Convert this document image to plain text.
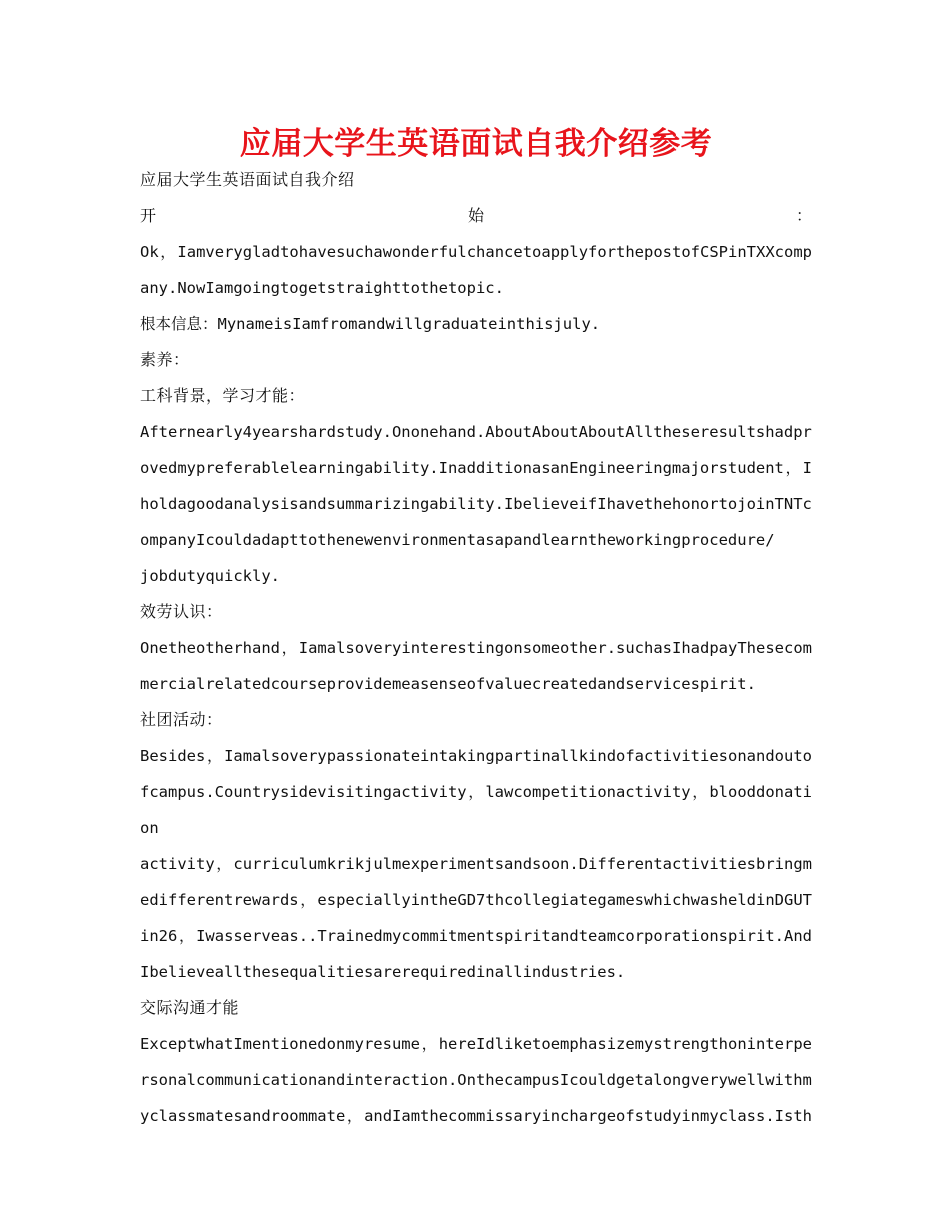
应届大学生英语面试自我介绍参考
应届大学生英语面试自我介绍
开	始	：
Ok，IamverygladtohavesuchawonderfulchancetoapplyforthepostofCSPinTXXcomp
any.NowIamgoingtogetstraighttothetopic.
根本信息：MynameisIamfromandwillgraduateinthisjuly.
素养：
工科背景，学习才能：
Afternearly4yearshardstudy.Ononehand.AboutAboutAboutAlltheseresultshadpr
ovedmypreferablelearningability.InadditionasanEngineeringmajorstudent，I
holdagoodanalysisandsummarizingability.IbelieveifIhavethehonortojoinTNTc
ompanyIcouldadapttothenewenvironmentasapandlearntheworkingprocedure/
jobdutyquickly.
效劳认识：
Onetheotherhand，Iamalsoveryinterestingonsomeother.suchasIhadpayThesecom
mercialrelatedcourseprovidemeasenseofvaluecreatedandservicespirit.
社团活动：
Besides，Iamalsoverypassionateintakingpartinallkindofactivitiesonandouto
fcampus.Countrysidevisitingactivity，lawcompetitionactivity，blooddonati
on
activity，curriculumkrikjulmexperimentsandsoon.Differentactivitiesbringm
edifferentrewards，especiallyintheGD7thcollegiategameswhichwasheldinDGUT
in26，Iwasserveas..Trainedmycommitmentspiritandteamcorporationspirit.And
Ibelieveallthesequalitiesarerequiredinallindustries.
交际沟通才能
ExceptwhatImentionedonmyresume，hereIdliketoemphasizemystrengthoninterpe
rsonalcommunicationandinteraction.OnthecampusIcouldgetalongverywellwithm
yclassmatesandroommate，andIamthecommissaryinchargeofstudyinmyclass.Isth
